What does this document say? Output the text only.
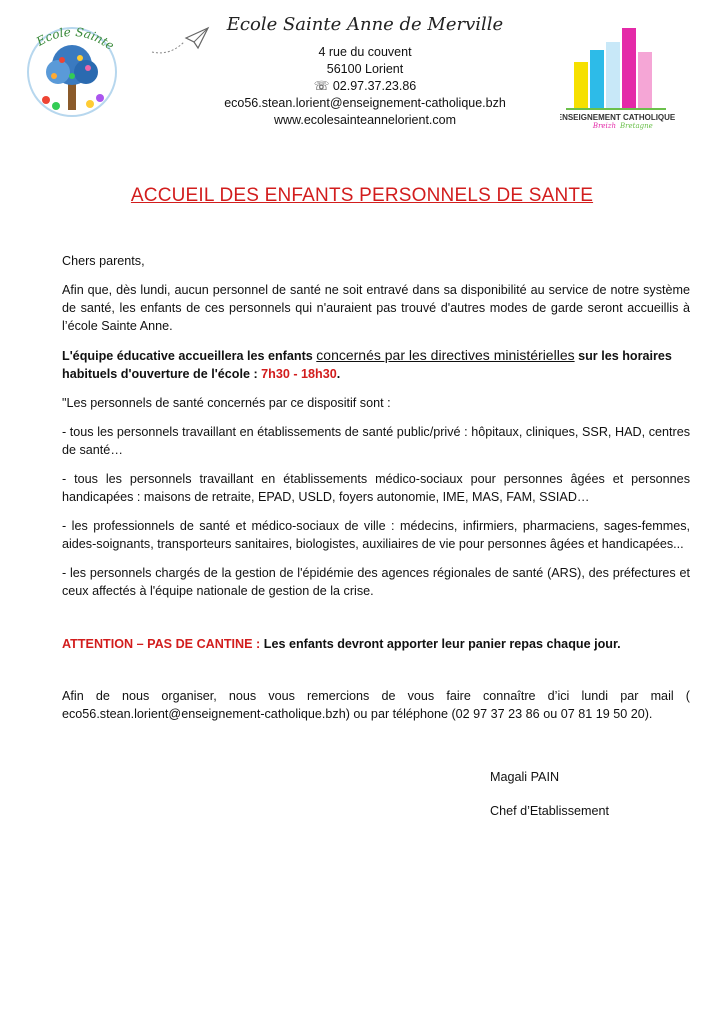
Ecole Sainte
Ecole Sainte Anne de Merville
4 rue du couvent
56100 Lorient
☏ 02.97.37.23.86
eco56.stean.lorient@enseignement-catholique.bzh
www.ecolesainteannelorient.com	ENSEIGNEMENT CATHOLIQUE
Breizh Bretagne
ACCUEIL DES ENFANTS PERSONNELS DE SANTE

Chers parents,

Afin que, dès lundi, aucun personnel de santé ne soit entravé dans sa disponibilité au service de notre système de santé, les enfants de ces personnels qui n'auraient pas trouvé d'autres modes de garde seront accueillis à l’école Sainte Anne.

L'équipe éducative accueillera les enfants concernés par les directives ministérielles sur les horaires habituels d'ouverture de l'école : 7h30 - 18h30.

"Les personnels de santé concernés par ce dispositif sont :

- tous les personnels travaillant en établissements de santé public/privé : hôpitaux, cliniques, SSR, HAD, centres de santé…

- tous les personnels travaillant en établissements médico-sociaux pour personnes âgées et personnes handicapées : maisons de retraite, EPAD, USLD, foyers autonomie, IME, MAS, FAM, SSIAD…

- les professionnels de santé et médico-sociaux de ville : médecins, infirmiers, pharmaciens, sages-femmes, aides-soignants, transporteurs sanitaires, biologistes, auxiliaires de vie pour personnes âgées et handicapées...

- les personnels chargés de la gestion de l'épidémie des agences régionales de santé (ARS), des préfectures et ceux affectés à l'équipe nationale de gestion de la crise.

ATTENTION – PAS DE CANTINE : Les enfants devront apporter leur panier repas chaque jour.

Afin de nous organiser, nous vous remercions de vous faire connaître d’ici lundi par mail ( eco56.stean.lorient@enseignement-catholique.bzh) ou par téléphone (02 97 37 23 86 ou 07 81 19 50 20).

Magali PAIN
Chef d’Etablissement
